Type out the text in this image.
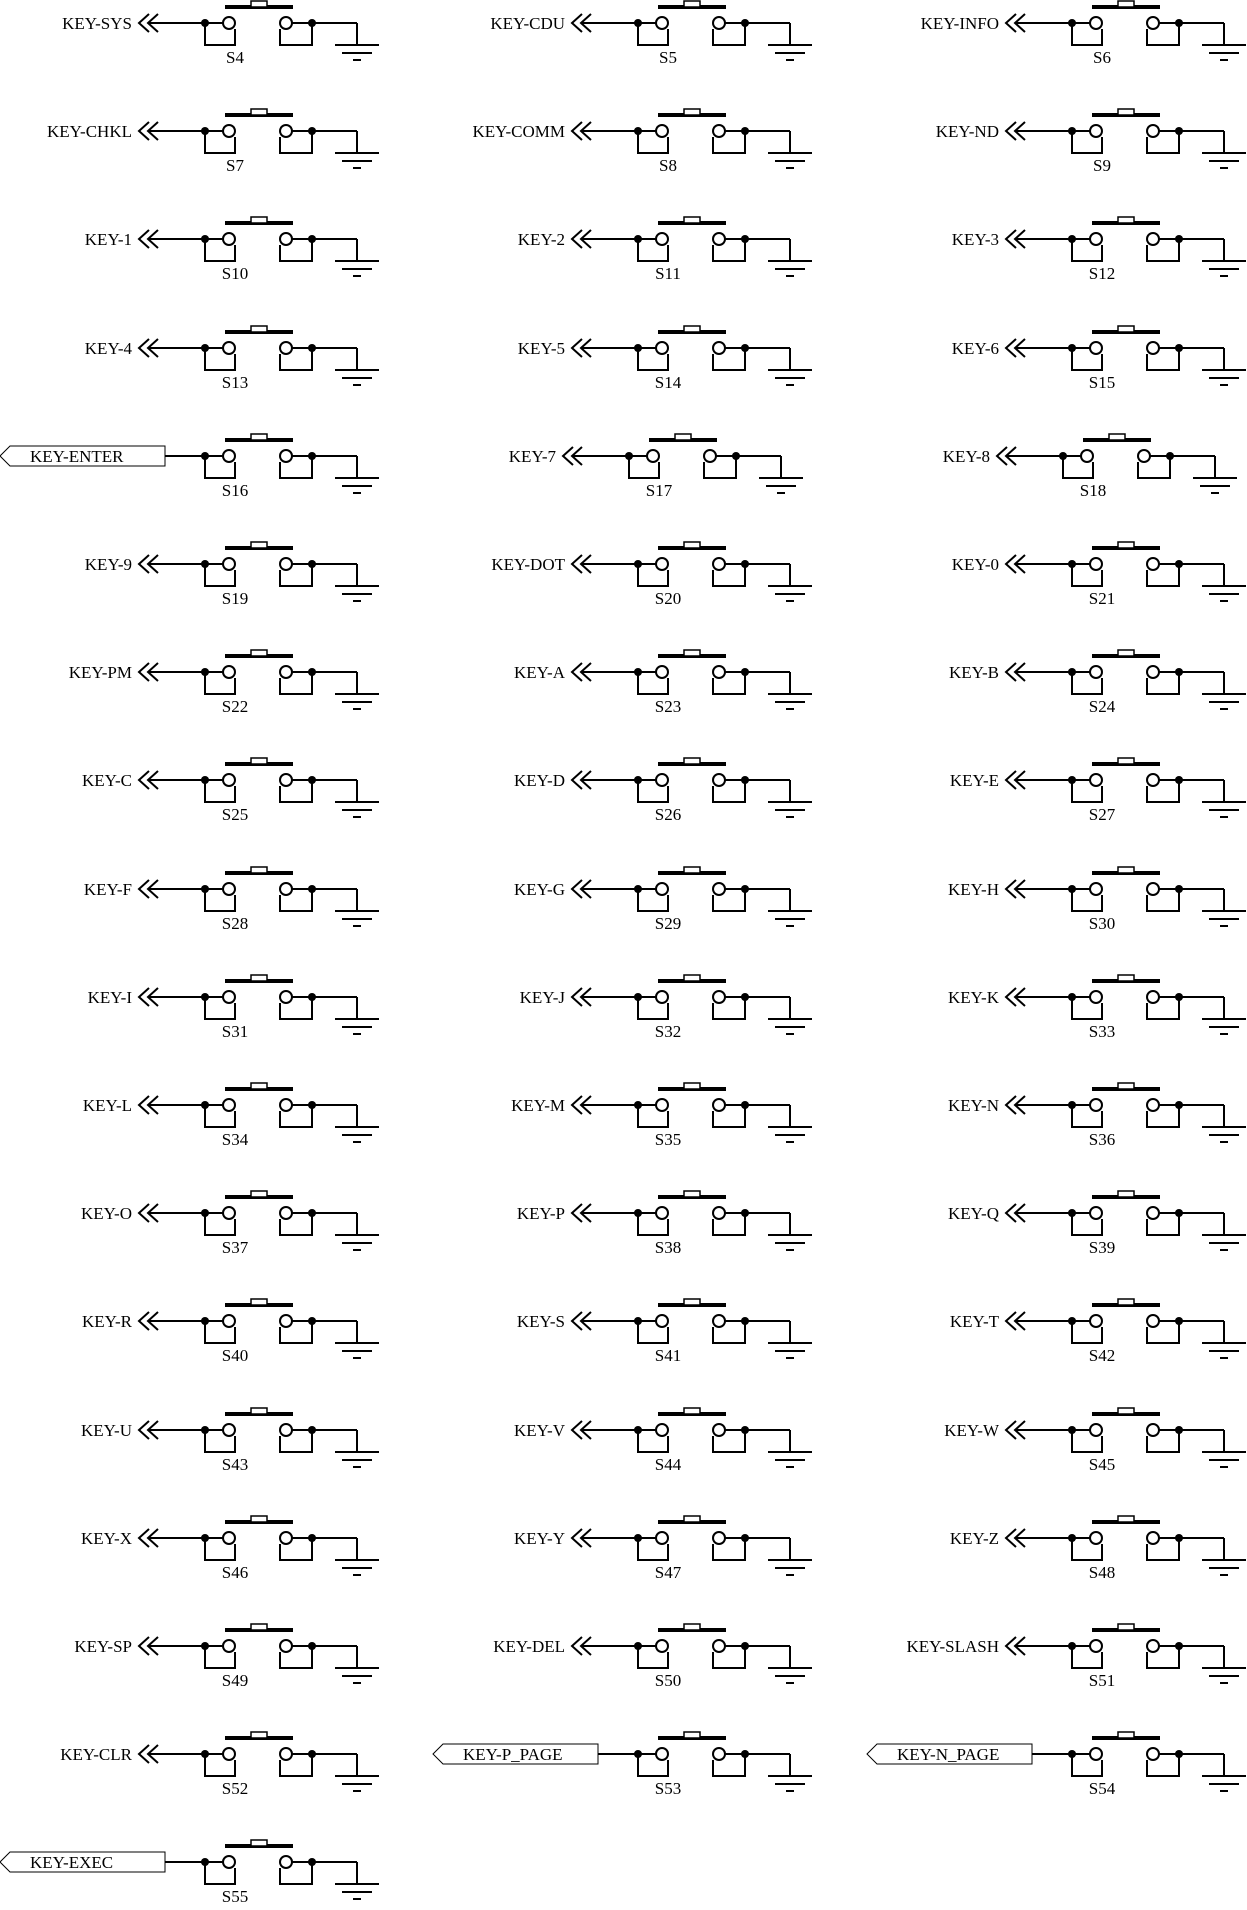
KEY-SYS
S4
KEY-CDU
S5
KEY-INFO
S6
KEY-CHKL
S7
KEY-COMM
S8
KEY-ND
S9
KEY-1
S10
KEY-2
S11
KEY-3
S12
KEY-4
S13
KEY-5
S14
KEY-6
S15
KEY-ENTER
S16
KEY-7
S17
KEY-8
S18
KEY-9
S19
KEY-DOT
S20
KEY-0
S21
KEY-PM
S22
KEY-A
S23
KEY-B
S24
KEY-C
S25
KEY-D
S26
KEY-E
S27
KEY-F
S28
KEY-G
S29
KEY-H
S30
KEY-I
S31
KEY-J
S32
KEY-K
S33
KEY-L
S34
KEY-M
S35
KEY-N
S36
KEY-O
S37
KEY-P
S38
KEY-Q
S39
KEY-R
S40
KEY-S
S41
KEY-T
S42
KEY-U
S43
KEY-V
S44
KEY-W
S45
KEY-X
S46
KEY-Y
S47
KEY-Z
S48
KEY-SP
S49
KEY-DEL
S50
KEY-SLASH
S51
KEY-CLR
S52
KEY-P_PAGE
S53
KEY-N_PAGE
S54
KEY-EXEC
S55
